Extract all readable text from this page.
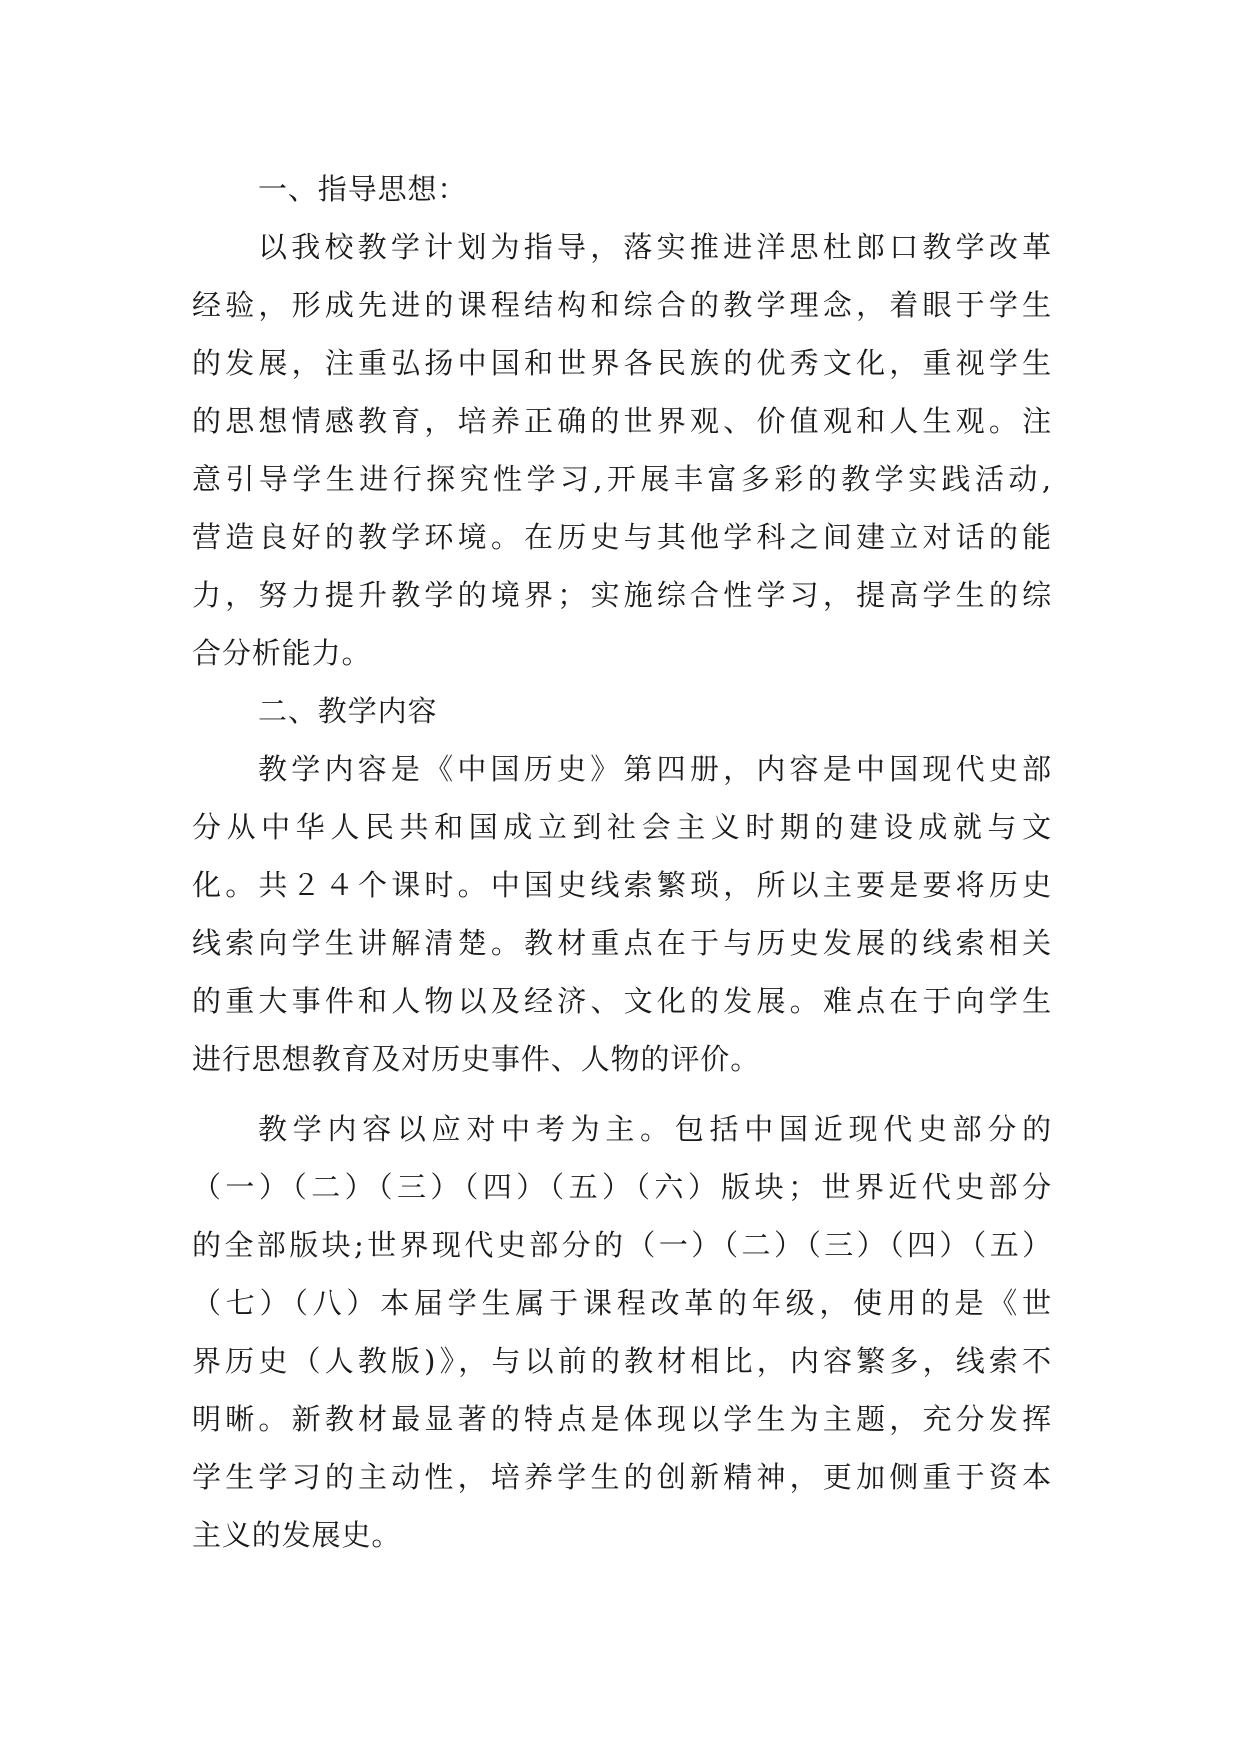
一、指导思想：
以我校教学计划为指导，落实推进洋思杜郎口教学改革
经验，形成先进的课程结构和综合的教学理念，着眼于学生
的发展，注重弘扬中国和世界各民族的优秀文化，重视学生
的思想情感教育，培养正确的世界观、价值观和人生观。注
意引导学生进行探究性学习,开展丰富多彩的教学实践活动,
营造良好的教学环境。在历史与其他学科之间建立对话的能
力，努力提升教学的境界；实施综合性学习，提高学生的综
合分析能力。
二、教学内容
教学内容是《中国历史》第四册，内容是中国现代史部
分从中华人民共和国成立到社会主义时期的建设成就与文
化。共２４个课时。中国史线索繁琐，所以主要是要将历史
线索向学生讲解清楚。教材重点在于与历史发展的线索相关
的重大事件和人物以及经济、文化的发展。难点在于向学生
进行思想教育及对历史事件、人物的评价。
教学内容以应对中考为主。包括中国近现代史部分的
（一）（二）（三）（四）（五）（六）版块；世界近代史部分
的全部版块;世界现代史部分的（一）（二）（三）（四）（五）
（七）（八）本届学生属于课程改革的年级，使用的是《世
界历史（人教版)》，与以前的教材相比，内容繁多，线索不
明晰。新教材最显著的特点是体现以学生为主题，充分发挥
学生学习的主动性，培养学生的创新精神，更加侧重于资本
主义的发展史。
